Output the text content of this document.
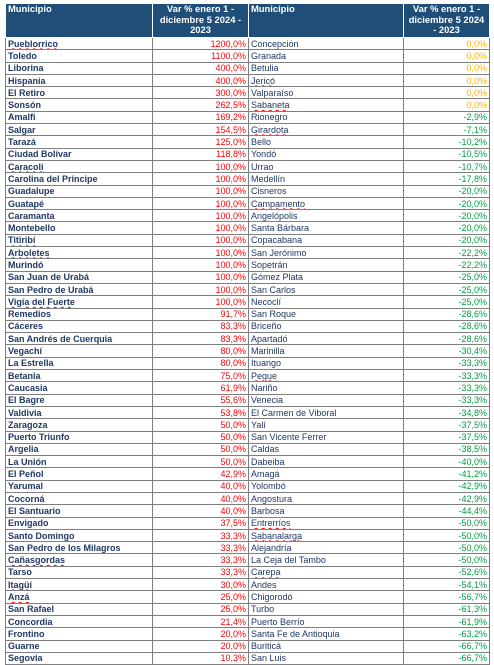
Municipio	Var % enero 1 - diciembre 5 2024 - 2023	Municipio	Var % enero 1 - diciembre 5 2024 - 2023
Pueblorrico	1200,0%	Concepción	0,0%
Toledo	1100,0%	Granada	0,0%
Liborina	400,0%	Betulia	0,0%
Hispania	400,0%	Jericó	0,0%
El Retiro	300,0%	Valparaíso	0,0%
Sonsón	262,5%	Sabaneta	0,0%
Amalfi	169,2%	Rionegro	-2,9%
Salgar	154,5%	Girardota	-7,1%
Tarazá	125,0%	Bello	-10,2%
Ciudad Bolívar	118,8%	Yondó	-10,5%
Caracolí	100,0%	Urrao	-10,7%
Carolina del Príncipe	100,0%	Medellín	-17,8%
Guadalupe	100,0%	Cisneros	-20,0%
Guatapé	100,0%	Campamento	-20,0%
Caramanta	100,0%	Angelópolis	-20,0%
Montebello	100,0%	Santa Bárbara	-20,0%
Titiribí	100,0%	Copacabana	-20,0%
Arboletes	100,0%	San Jerónimo	-22,2%
Murindó	100,0%	Sopetrán	-22,2%
San Juan de Urabá	100,0%	Gómez Plata	-25,0%
San Pedro de Urabá	100,0%	San Carlos	-25,0%
Vigía del Fuerte	100,0%	Necoclí	-25,0%
Remedios	91,7%	San Roque	-28,6%
Cáceres	83,3%	Briceño	-28,6%
San Andrés de Cuerquia	83,3%	Apartadó	-28,6%
Vegachí	80,0%	Marinilla	-30,4%
La Estrella	80,0%	Ituango	-33,3%
Betania	75,0%	Peque	-33,3%
Caucasia	61,9%	Nariño	-33,3%
El Bagre	55,6%	Venecia	-33,3%
Valdivia	53,8%	El Carmen de Viboral	-34,8%
Zaragoza	50,0%	Yalí	-37,5%
Puerto Triunfo	50,0%	San Vicente Ferrer	-37,5%
Argelia	50,0%	Caldas	-38,5%
La Unión	50,0%	Dabeiba	-40,0%
El Peñol	42,9%	Amagá	-41,2%
Yarumal	40,0%	Yolombó	-42,9%
Cocorná	40,0%	Angostura	-42,9%
El Santuario	40,0%	Barbosa	-44,4%
Envigado	37,5%	Entrerríos	-50,0%
Santo Domingo	33,3%	Sabanalarga	-50,0%
San Pedro de los Milagros	33,3%	Alejandría	-50,0%
Cañasgordas	33,3%	La Ceja del Tambo	-50,0%
Tarso	33,3%	Carepa	-52,6%
Itagüí	30,0%	Andes	-54,1%
Anzá	25,0%	Chigorodó	-56,7%
San Rafael	25,0%	Turbo	-61,3%
Concordia	21,4%	Puerto Berrío	-61,9%
Frontino	20,0%	Santa Fe de Antioquia	-63,2%
Guarne	20,0%	Buriticá	-66,7%
Segovia	10,3%	San Luis	-66,7%
